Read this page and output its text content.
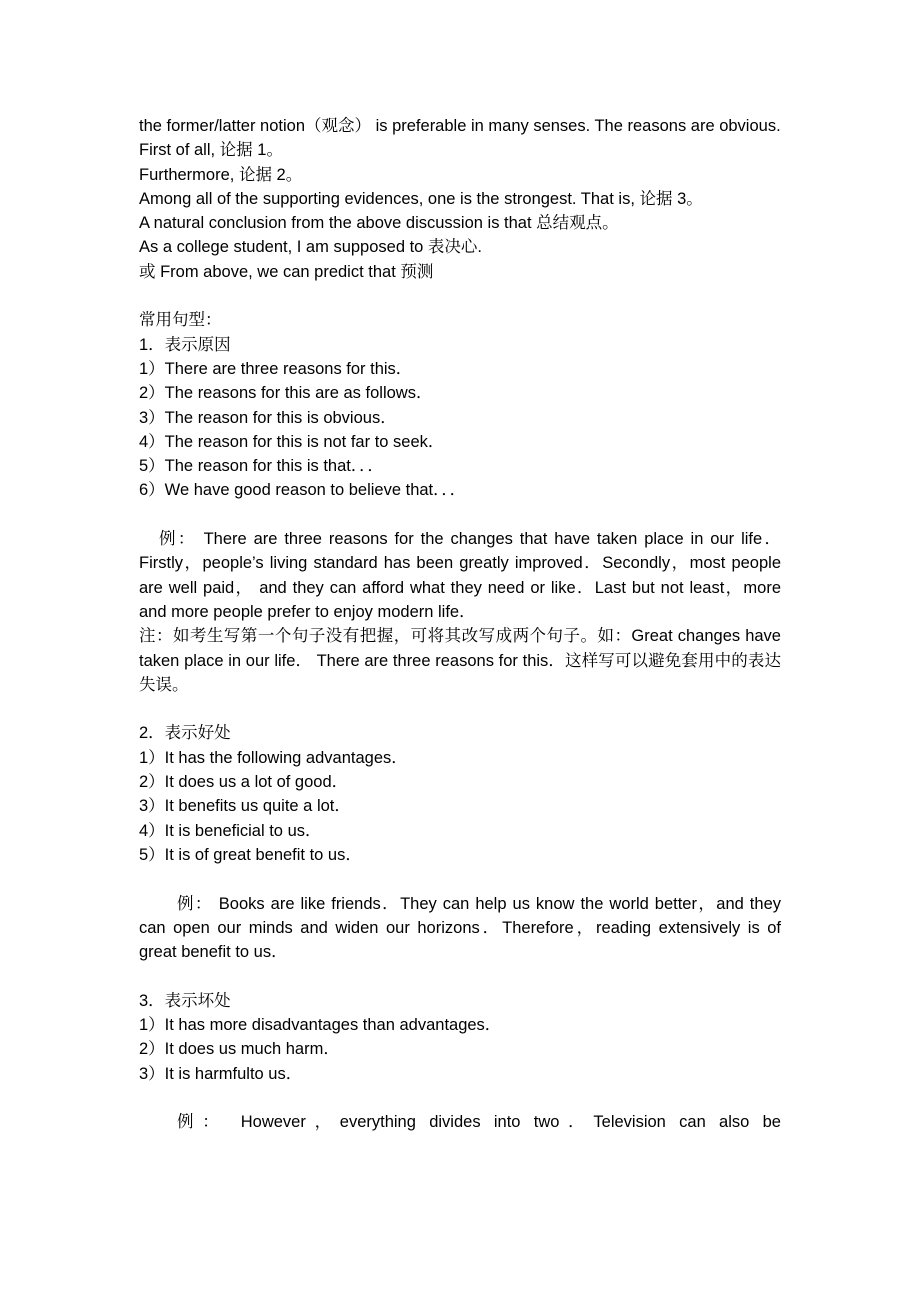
the former/latter notion（观念） is preferable in many senses. The reasons are obvious.
First of all, 论据 1。
Furthermore, 论据 2。
Among all of the supporting evidences, one is the strongest. That is, 论据 3。
A natural conclusion from the above discussion is that 总结观点。
As a college student, I am supposed to 表决心.
或 From above, we can predict that 预测
常用句型：
1．表示原因
1）There are three reasons for this．
2）The reasons for this are as follows．
3）The reason for this is obvious．
4）The reason for this is not far to seek．
5）The reason for this is that．．．
6）We have good reason to believe that．．．
例： There are three reasons for the changes that have taken place in our life．Firstly，people’s living standard has been greatly improved．Secondly，most people are well paid， and they can afford what they need or like．Last but not least，more and more people prefer to enjoy modern life．
注：如考生写第一个句子没有把握，可将其改写成两个句子。如：Great changes have taken place in our life． There are three reasons for this．这样写可以避免套用中的表达失误。
2．表示好处
1）It has the following advantages．
2）It does us a lot of good．
3）It benefits us quite a lot．
4）It is beneficial to us．
5）It is of great benefit to us．
例： Books are like friends．They can help us know the world better，and they can open our minds and widen our horizons．Therefore，reading extensively is of great benefit to us．
3．表示坏处
1）It has more disadvantages than advantages．
2）It does us much harm．
3）It is harmfulto us．
例： However，everything divides into two．Television can also be
